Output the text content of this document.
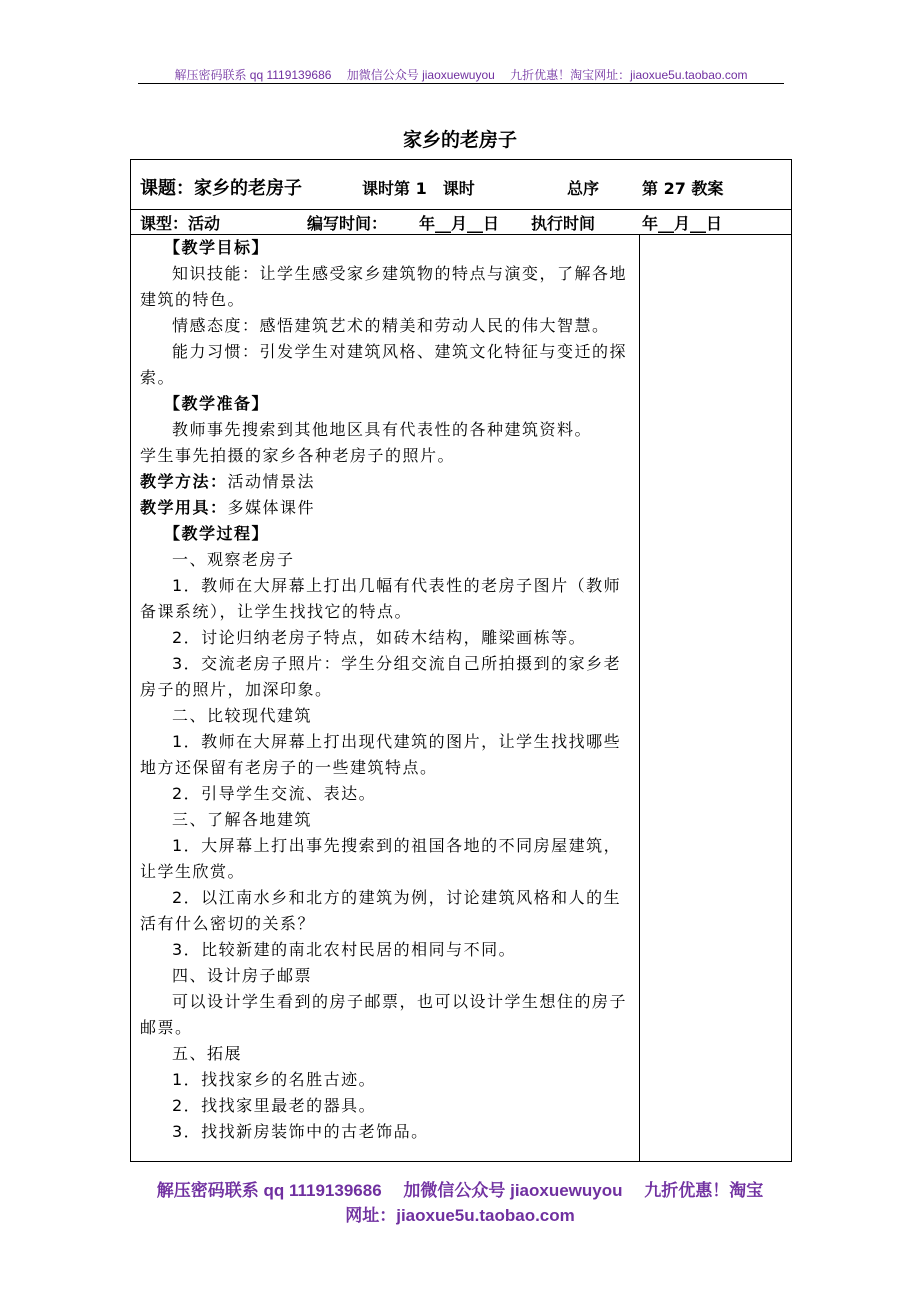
解压密码联系 qq 1119139686　 加微信公众号 jiaoxuewuyou　 九折优惠！淘宝网址：jiaoxue5u.taobao.com
家乡的老房子
课题：家乡的老房子	课时第 1　课时	总序	第 27 教案
课型：活动	编写时间： 年__月__日 执行时间	年__月__日

【教学目标】

知识技能：让学生感受家乡建筑物的特点与演变，了解各地建筑的特色。

情感态度：感悟建筑艺术的精美和劳动人民的伟大智慧。

能力习惯：引发学生对建筑风格、建筑文化特征与变迁的探索。

【教学准备】

教师事先搜索到其他地区具有代表性的各种建筑资料。

学生事先拍摄的家乡各种老房子的照片。

教学方法：活动情景法

教学用具：多媒体课件

【教学过程】

一、观察老房子

1．教师在大屏幕上打出几幅有代表性的老房子图片（教师备课系统），让学生找找它的特点。

2．讨论归纳老房子特点，如砖木结构，雕梁画栋等。

3．交流老房子照片：学生分组交流自己所拍摄到的家乡老房子的照片，加深印象。

二、比较现代建筑

1．教师在大屏幕上打出现代建筑的图片，让学生找找哪些地方还保留有老房子的一些建筑特点。

2．引导学生交流、表达。

三、了解各地建筑

1．大屏幕上打出事先搜索到的祖国各地的不同房屋建筑，让学生欣赏。

2．以江南水乡和北方的建筑为例，讨论建筑风格和人的生活有什么密切的关系？

3．比较新建的南北农村民居的相同与不同。

四、设计房子邮票

可以设计学生看到的房子邮票，也可以设计学生想住的房子邮票。

五、拓展

1．找找家乡的名胜古迹。

2．找找家里最老的器具。

3．找找新房装饰中的古老饰品。

解压密码联系 qq 1119139686　 加微信公众号 jiaoxuewuyou　 九折优惠！淘宝
网址：jiaoxue5u.taobao.com
